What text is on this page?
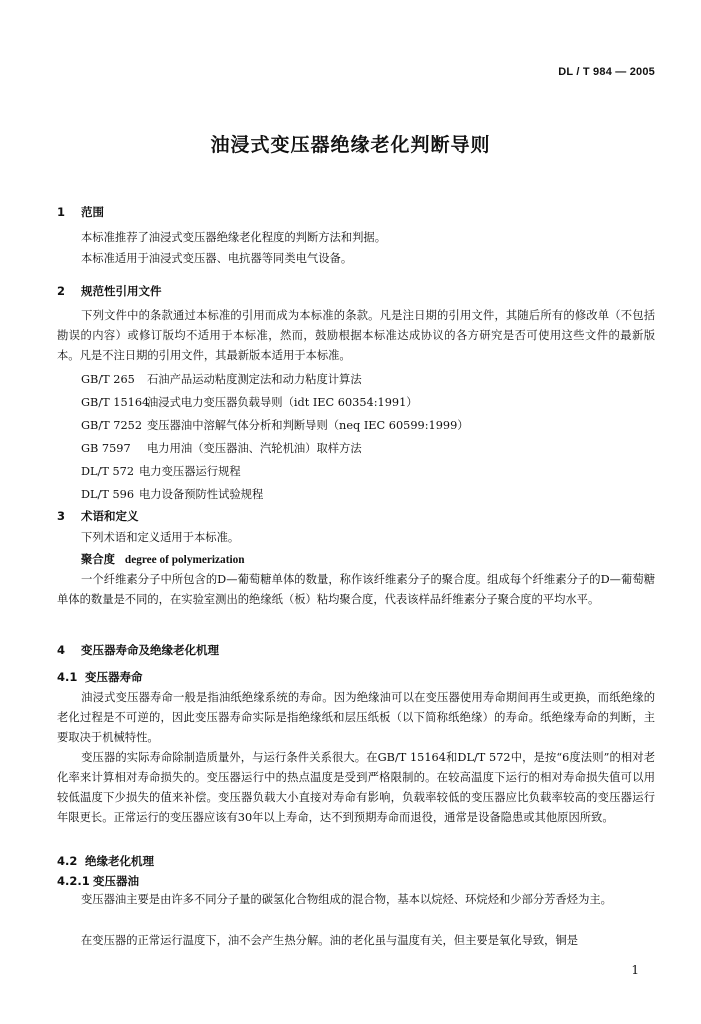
DL / T 984 — 2005
油浸式变压器绝缘老化判断导则
1 范围
本标准推荐了油浸式变压器绝缘老化程度的判断方法和判据。
本标准适用于油浸式变压器、电抗器等同类电气设备。
2 规范性引用文件
下列文件中的条款通过本标准的引用而成为本标准的条款。凡是注日期的引用文件，其随后所有的修改单（不包括勘误的内容）或修订版均不适用于本标准，然而，鼓励根据本标准达成协议的各方研究是否可使用这些文件的最新版本。凡是不注日期的引用文件，其最新版本适用于本标准。
GB/T 265 石油产品运动粘度测定法和动力粘度计算法
GB/T 15164油浸式电力变压器负载导则（idt IEC 60354:1991）
GB/T 7252 变压器油中溶解气体分析和判断导则（neq IEC 60599:1999）
GB 7597 电力用油（变压器油、汽轮机油）取样方法
DL/T 572 电力变压器运行规程
DL/T 596 电力设备预防性试验规程
3 术语和定义
下列术语和定义适用于本标准。
聚合度 degree of polymerization
一个纤维素分子中所包含的D—葡萄糖单体的数量，称作该纤维素分子的聚合度。组成每个纤维素分子的D—葡萄糖单体的数量是不同的，在实验室测出的绝缘纸（板）粘均聚合度，代表该样品纤维素分子聚合度的平均水平。
4 变压器寿命及绝缘老化机理
4.1 变压器寿命
油浸式变压器寿命一般是指油纸绝缘系统的寿命。因为绝缘油可以在变压器使用寿命期间再生或更换，而纸绝缘的老化过程是不可逆的，因此变压器寿命实际是指绝缘纸和层压纸板（以下简称纸绝缘）的寿命。纸绝缘寿命的判断，主要取决于机械特性。
变压器的实际寿命除制造质量外，与运行条件关系很大。在GB/T 15164和DL/T 572中，是按“6度法则”的相对老化率来计算相对寿命损失的。变压器运行中的热点温度是受到严格限制的。在较高温度下运行的相对寿命损失值可以用较低温度下少损失的值来补偿。变压器负载大小直接对寿命有影响，负载率较低的变压器应比负载率较高的变压器运行年限更长。正常运行的变压器应该有30年以上寿命，达不到预期寿命而退役，通常是设备隐患或其他原因所致。
4.2 绝缘老化机理
4.2.1 变压器油
变压器油主要是由许多不同分子量的碳氢化合物组成的混合物，基本以烷烃、环烷烃和少部分芳香烃为主。
在变压器的正常运行温度下，油不会产生热分解。油的老化虽与温度有关，但主要是氧化导致，铜是
1
